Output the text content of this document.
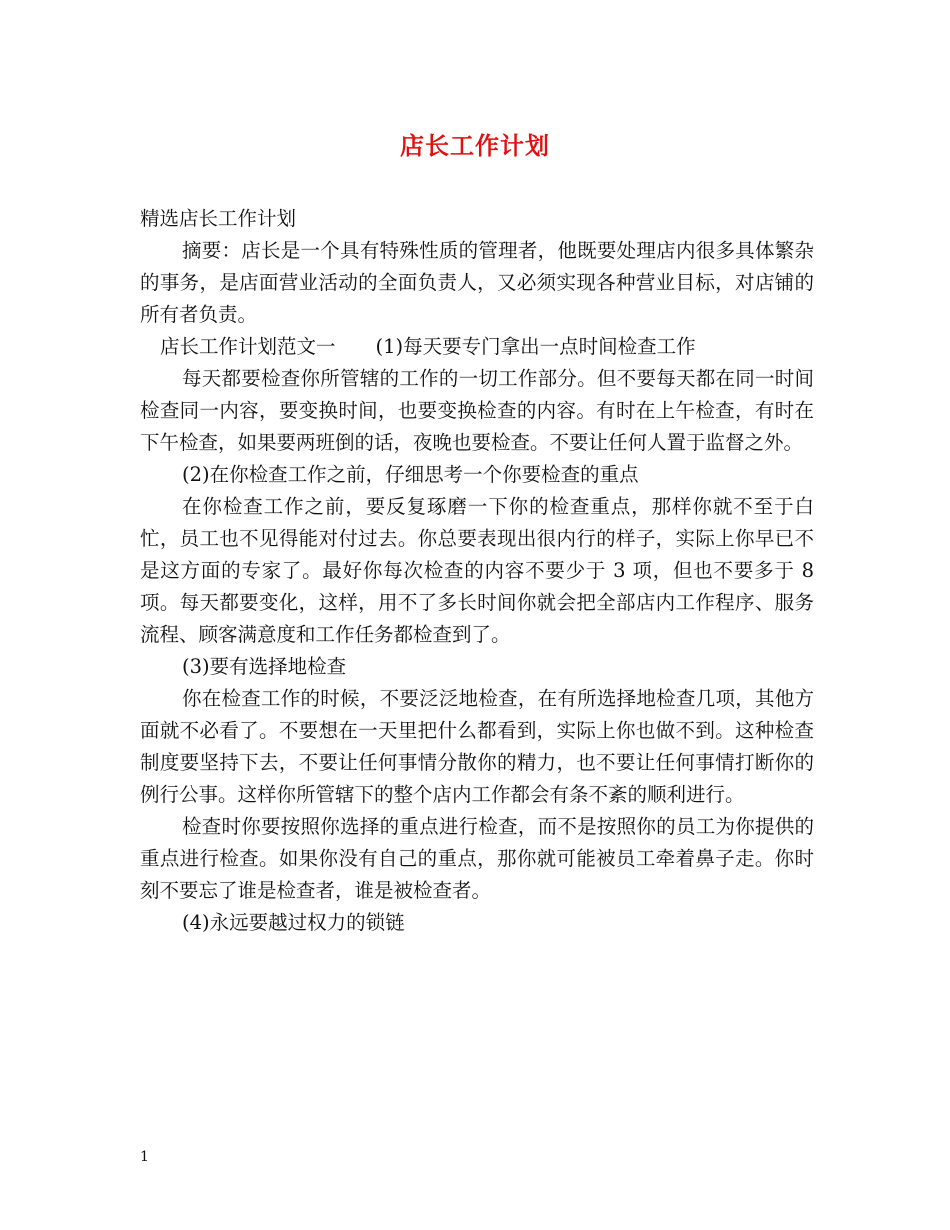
店长工作计划

精选店长工作计划

摘要：店长是一个具有特殊性质的管理者，他既要处理店内很多具体繁杂的事务，是店面营业活动的全面负责人，又必须实现各种营业目标，对店铺的所有者负责。

店长工作计划范文一 (1)每天要专门拿出一点时间检查工作

每天都要检查你所管辖的工作的一切工作部分。但不要每天都在同一时间检查同一内容，要变换时间，也要变换检查的内容。有时在上午检查，有时在下午检查，如果要两班倒的话，夜晚也要检查。不要让任何人置于监督之外。

(2)在你检查工作之前，仔细思考一个你要检查的重点

在你检查工作之前，要反复琢磨一下你的检查重点，那样你就不至于白忙，员工也不见得能对付过去。你总要表现出很内行的样子，实际上你早已不是这方面的专家了。最好你每次检查的内容不要少于 3 项，但也不要多于 8 项。每天都要变化，这样，用不了多长时间你就会把全部店内工作程序、服务流程、顾客满意度和工作任务都检查到了。

(3)要有选择地检查

你在检查工作的时候，不要泛泛地检查，在有所选择地检查几项，其他方面就不必看了。不要想在一天里把什么都看到，实际上你也做不到。这种检查制度要坚持下去，不要让任何事情分散你的精力，也不要让任何事情打断你的例行公事。这样你所管辖下的整个店内工作都会有条不紊的顺利进行。

检查时你要按照你选择的重点进行检查，而不是按照你的员工为你提供的重点进行检查。如果你没有自己的重点，那你就可能被员工牵着鼻子走。你时刻不要忘了谁是检查者，谁是被检查者。

(4)永远要越过权力的锁链

1
